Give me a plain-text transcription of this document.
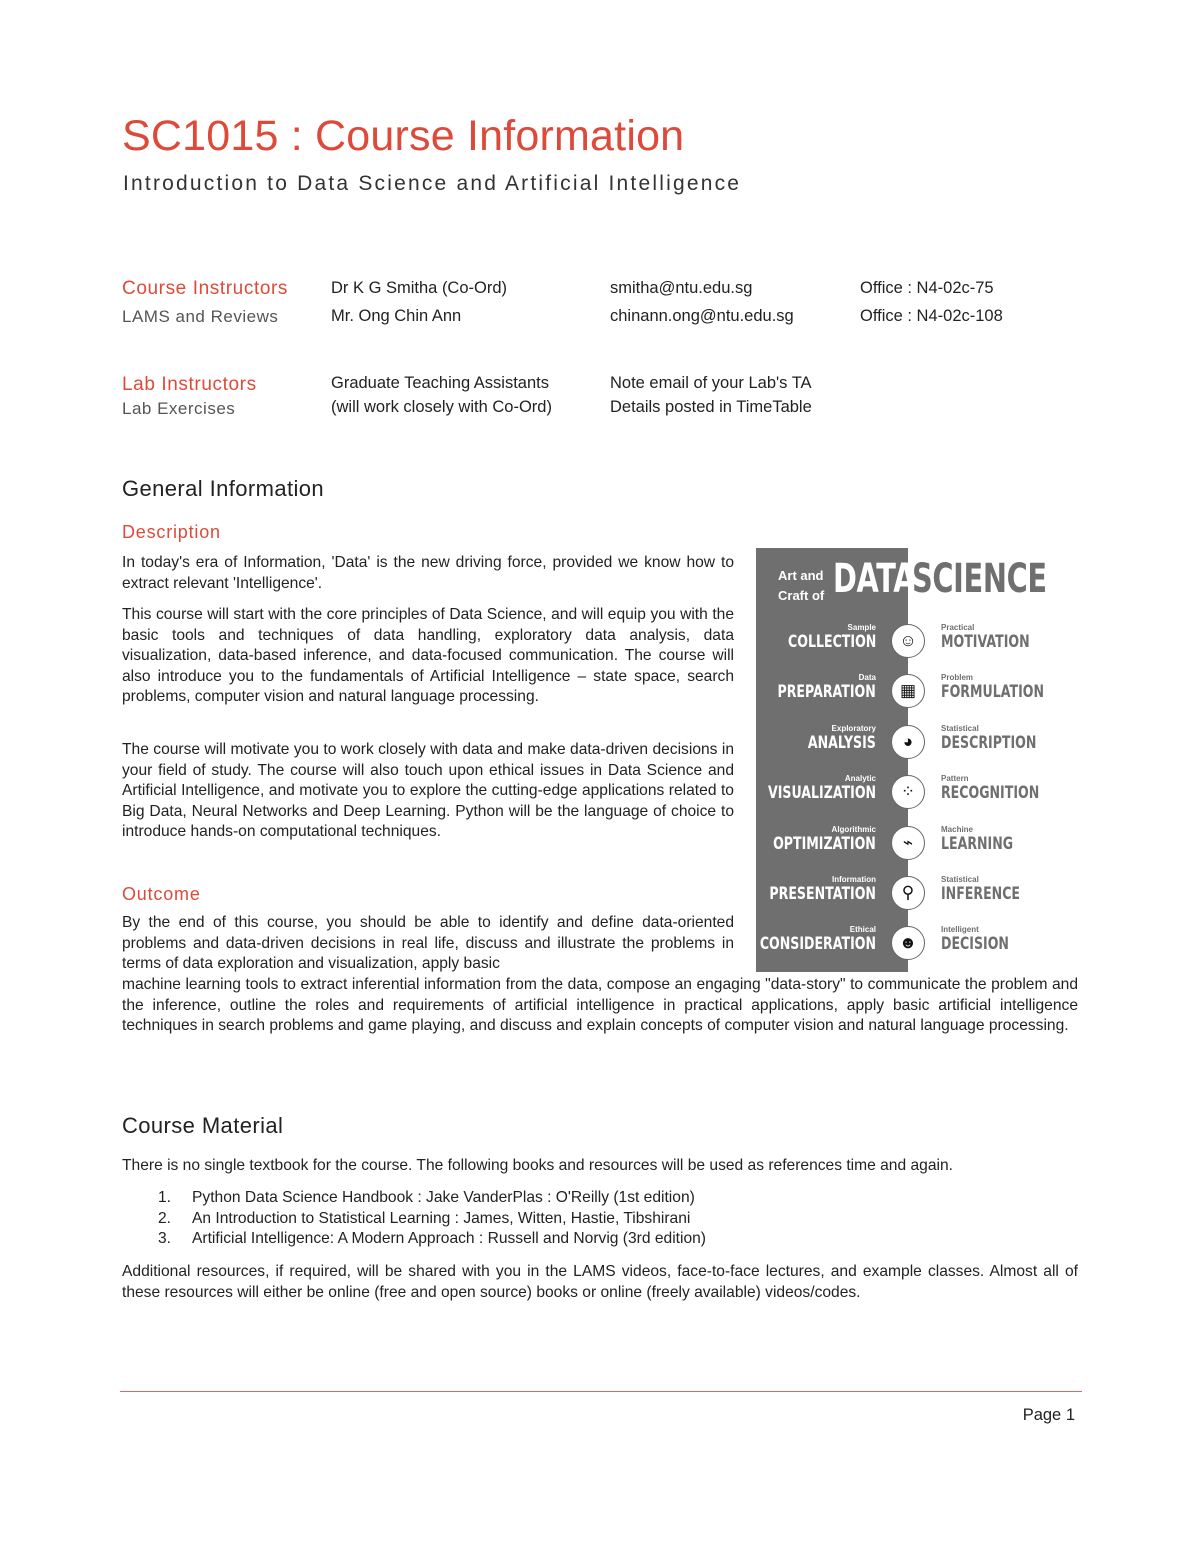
SC1015 : Course Information
Introduction to Data Science and Artificial Intelligence
Course Instructors	Dr K G Smitha (Co-Ord)	smitha@ntu.edu.sg	Office : N4-02c-75
LAMS and Reviews	Mr. Ong Chin Ann	chinann.ong@ntu.edu.sg	Office : N4-02c-108
Lab Instructors	Graduate Teaching Assistants	Note email of your Lab's TA
Lab Exercises	(will work closely with Co-Ord)	Details posted in TimeTable
General Information
Description

In today's era of Information, 'Data' is the new driving force, provided we know how to extract relevant 'Intelligence'.

This course will start with the core principles of Data Science, and will equip you with the basic tools and techniques of data handling, exploratory data analysis, data visualization, data-based inference, and data-focused communication. The course will also introduce you to the fundamentals of Artificial Intelligence – state space, search problems, computer vision and natural language processing.

The course will motivate you to work closely with data and make data-driven decisions in your field of study. The course will also touch upon ethical issues in Data Science and Artificial Intelligence, and motivate you to explore the cutting-edge applications related to Big Data, Neural Networks and Deep Learning. Python will be the language of choice to introduce hands-on computational techniques.

Outcome

By the end of this course, you should be able to identify and define data-oriented problems and data-driven decisions in real life, discuss and illustrate the problems in terms of data exploration and visualization, apply basic

machine learning tools to extract inferential information from the data, compose an engaging "data-story" to communicate the problem and the inference, outline the roles and requirements of artificial intelligence in practical applications, apply basic artificial intelligence techniques in search problems and game playing, and discuss and explain concepts of computer vision and natural language processing.

Art and
Craft of DATA
SCIENCE
Sample
COLLECTION	☺
Practical
MOTIVATION
Data
PREPARATION	▦
Problem
FORMULATION
Exploratory
ANALYSIS	◕
Statistical
DESCRIPTION
Analytic
VISUALIZATION	⁘
Pattern
RECOGNITION
Algorithmic
OPTIMIZATION	⌁
Machine
LEARNING
Information
PRESENTATION	⚲
Statistical
INFERENCE
Ethical
CONSIDERATION	☻
Intelligent
DECISION
Course Material

There is no single textbook for the course. The following books and resources will be used as references time and again.

1. Python Data Science Handbook : Jake VanderPlas : O'Reilly (1st edition)
2. An Introduction to Statistical Learning : James, Witten, Hastie, Tibshirani
3. Artificial Intelligence: A Modern Approach : Russell and Norvig (3rd edition)

Additional resources, if required, will be shared with you in the LAMS videos, face-to-face lectures, and example classes. Almost all of these resources will either be online (free and open source) books or online (freely available) videos/codes.

Page 1
